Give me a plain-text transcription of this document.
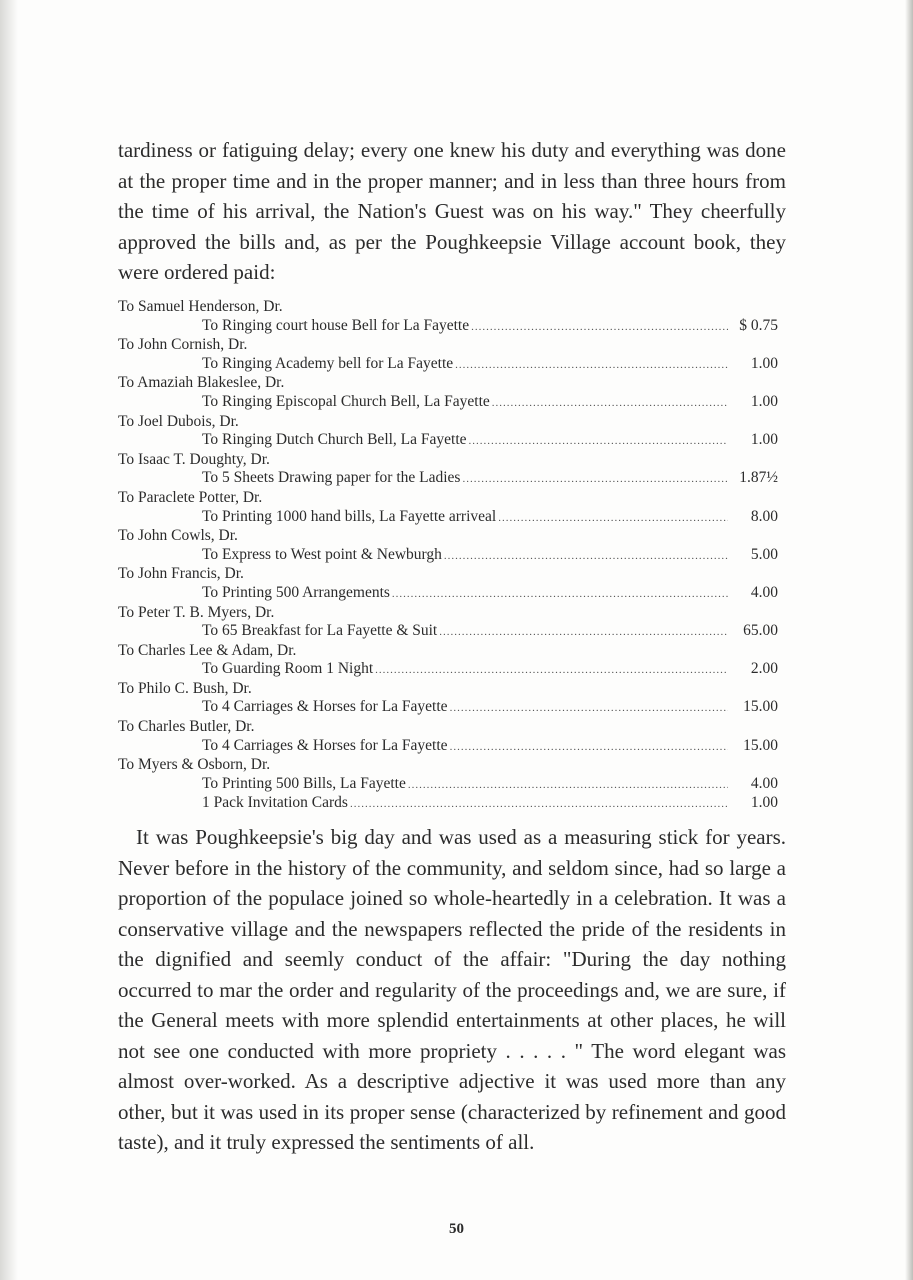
tardiness or fatiguing delay; every one knew his duty and everything was done at the proper time and in the proper manner; and in less than three hours from the time of his arrival, the Nation's Guest was on his way." They cheerfully approved the bills and, as per the Poughkeepsie Village account book, they were ordered paid:

To Samuel Henderson, Dr.
To Ringing court house Bell for La Fayette .....	$ 0.75
To John Cornish, Dr.
To Ringing Academy bell for La Fayette .....	1.00
To Amaziah Blakeslee, Dr.
To Ringing Episcopal Church Bell, La Fayette .....	1.00
To Joel Dubois, Dr.
To Ringing Dutch Church Bell, La Fayette .....	1.00
To Isaac T. Doughty, Dr.
To 5 Sheets Drawing paper for the Ladies .....	1.87½
To Paraclete Potter, Dr.
To Printing 1000 hand bills, La Fayette arriveal .....	8.00
To John Cowls, Dr.
To Express to West point & Newburgh .....	5.00
To John Francis, Dr.
To Printing 500 Arrangements .....	4.00
To Peter T. B. Myers, Dr.
To 65 Breakfast for La Fayette & Suit .....	65.00
To Charles Lee & Adam, Dr.
To Guarding Room 1 Night .....	2.00
To Philo C. Bush, Dr.
To 4 Carriages & Horses for La Fayette .....	15.00
To Charles Butler, Dr.
To 4 Carriages & Horses for La Fayette .....	15.00
To Myers & Osborn, Dr.
To Printing 500 Bills, La Fayette .....	4.00
1 Pack Invitation Cards .....	1.00

It was Poughkeepsie's big day and was used as a measuring stick for years. Never before in the history of the community, and seldom since, had so large a proportion of the populace joined so whole-heartedly in a celebration. It was a conservative village and the newspapers reflected the pride of the residents in the dignified and seemly conduct of the affair: "During the day nothing occurred to mar the order and regularity of the proceedings and, we are sure, if the General meets with more splendid entertainments at other places, he will not see one conducted with more propriety . . . . . " The word elegant was almost over-worked. As a descriptive adjective it was used more than any other, but it was used in its proper sense (characterized by refinement and good taste), and it truly expressed the sentiments of all.

50
